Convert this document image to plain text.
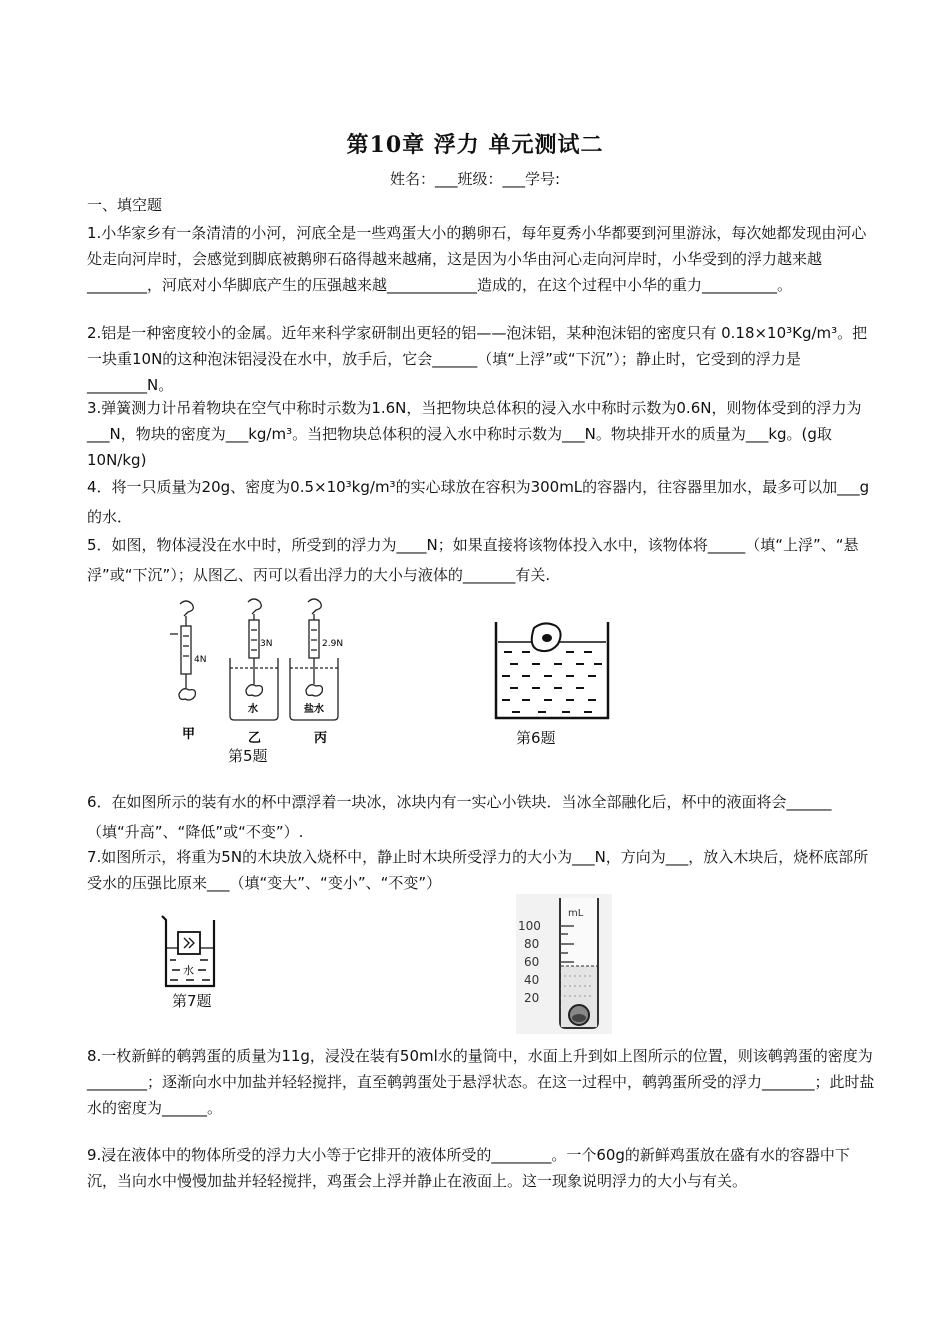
第10章 浮力 单元测试二
姓名：___班级：___学号:
一、填空题
1.小华家乡有一条清清的小河，河底全是一些鸡蛋大小的鹅卵石，每年夏秀小华都要到河里游泳，每次她都发现由河心处走向河岸时，会感觉到脚底被鹅卵石硌得越来越痛，这是因为小华由河心走向河岸时，小华受到的浮力越来越________，河底对小华脚底产生的压强越来越____________造成的，在这个过程中小华的重力__________。
2.铝是一种密度较小的金属。近年来科学家研制出更轻的铝——泡沫铝，某种泡沫铝的密度只有 0.18×10³Kg/m³。把一块重10N的这种泡沫铝浸没在水中，放手后，它会______（填“上浮”或“下沉”）；静止时，它受到的浮力是________N。
3.弹簧测力计吊着物块在空气中称时示数为1.6N，当把物块总体积的浸入水中称时示数为0.6N，则物体受到的浮力为___N，物块的密度为___kg/m³。当把物块总体积的浸入水中称时示数为___N。物块排开水的质量为___kg。(g取10N/kg)
4．将一只质量为20g、密度为0.5×10³kg/m³的实心球放在容积为300mL的容器内，往容器里加水，最多可以加___g的水．
5．如图，物体浸没在水中时，所受到的浮力为____N；如果直接将该物体投入水中，该物体将_____（填“上浮”、“悬浮”或“下沉”）；从图乙、丙可以看出浮力的大小与液体的_______有关.
4N
3N
水
2.9N
盐水
甲	乙	丙
第5题
第6题
6．在如图所示的装有水的杯中漂浮着一块冰，冰块内有一实心小铁块．当冰全部融化后，杯中的液面将会______（填“升高”、“降低”或“不变”）.
7.如图所示，将重为5N的木块放入烧杯中，静止时木块所受浮力的大小为___N，方向为___，放入木块后，烧杯底部所受水的压强比原来___（填“变大”、“变小”、“不变”）
水
第7题
mL
100
80
60
40
20
8.一枚新鲜的鹌鹑蛋的质量为11g，浸没在装有50ml水的量筒中，水面上升到如上图所示的位置，则该鹌鹑蛋的密度为________；逐渐向水中加盐并轻轻搅拌，直至鹌鹑蛋处于悬浮状态。在这一过程中，鹌鹑蛋所受的浮力_______；此时盐水的密度为______。
9.浸在液体中的物体所受的浮力大小等于它排开的液体所受的________。一个60g的新鲜鸡蛋放在盛有水的容器中下沉，当向水中慢慢加盐并轻轻搅拌，鸡蛋会上浮并静止在液面上。这一现象说明浮力的大小与有关。
